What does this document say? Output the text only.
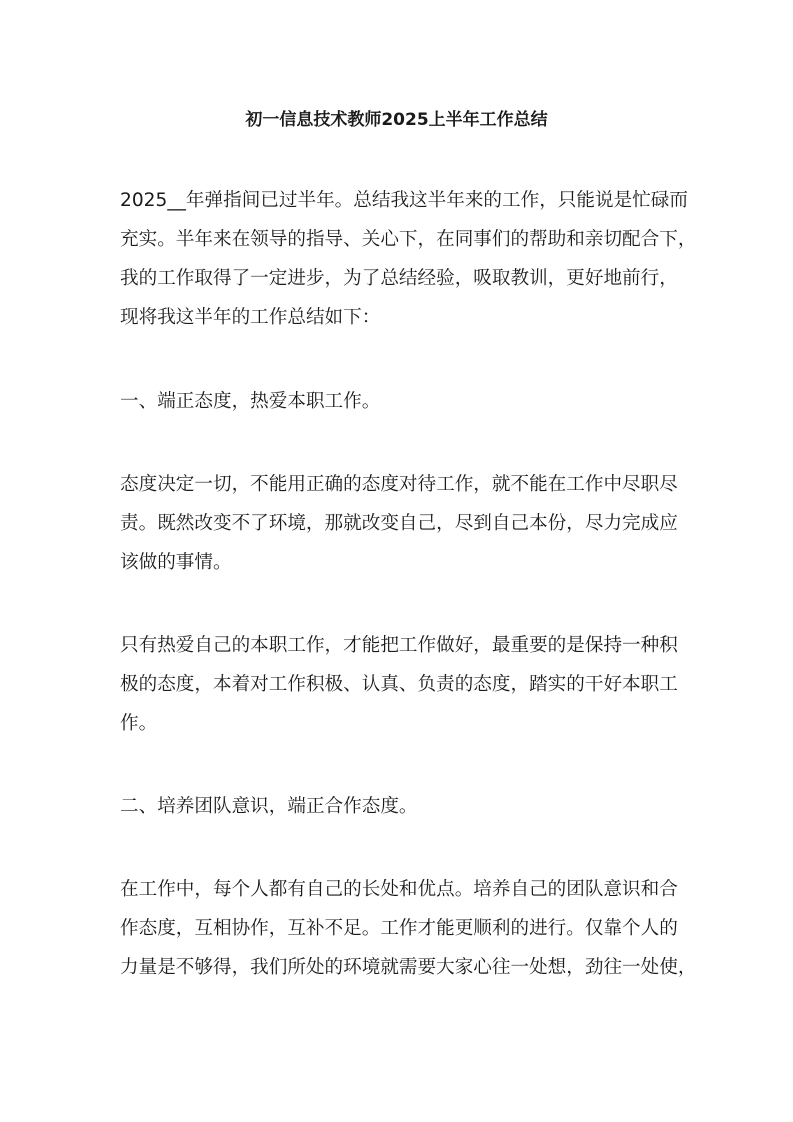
初一信息技术教师2025上半年工作总结
2025__年弹指间已过半年。总结我这半年来的工作，只能说是忙碌而
充实。半年来在领导的指导、关心下，在同事们的帮助和亲切配合下，
我的工作取得了一定进步，为了总结经验，吸取教训，更好地前行，
现将我这半年的工作总结如下：
一、端正态度，热爱本职工作。
态度决定一切，不能用正确的态度对待工作，就不能在工作中尽职尽
责。既然改变不了环境，那就改变自己，尽到自己本份，尽力完成应
该做的事情。
只有热爱自己的本职工作，才能把工作做好，最重要的是保持一种积
极的态度，本着对工作积极、认真、负责的态度，踏实的干好本职工
作。
二、培养团队意识，端正合作态度。
在工作中，每个人都有自己的长处和优点。培养自己的团队意识和合
作态度，互相协作，互补不足。工作才能更顺利的进行。仅靠个人的
力量是不够得，我们所处的环境就需要大家心往一处想，劲往一处使，
